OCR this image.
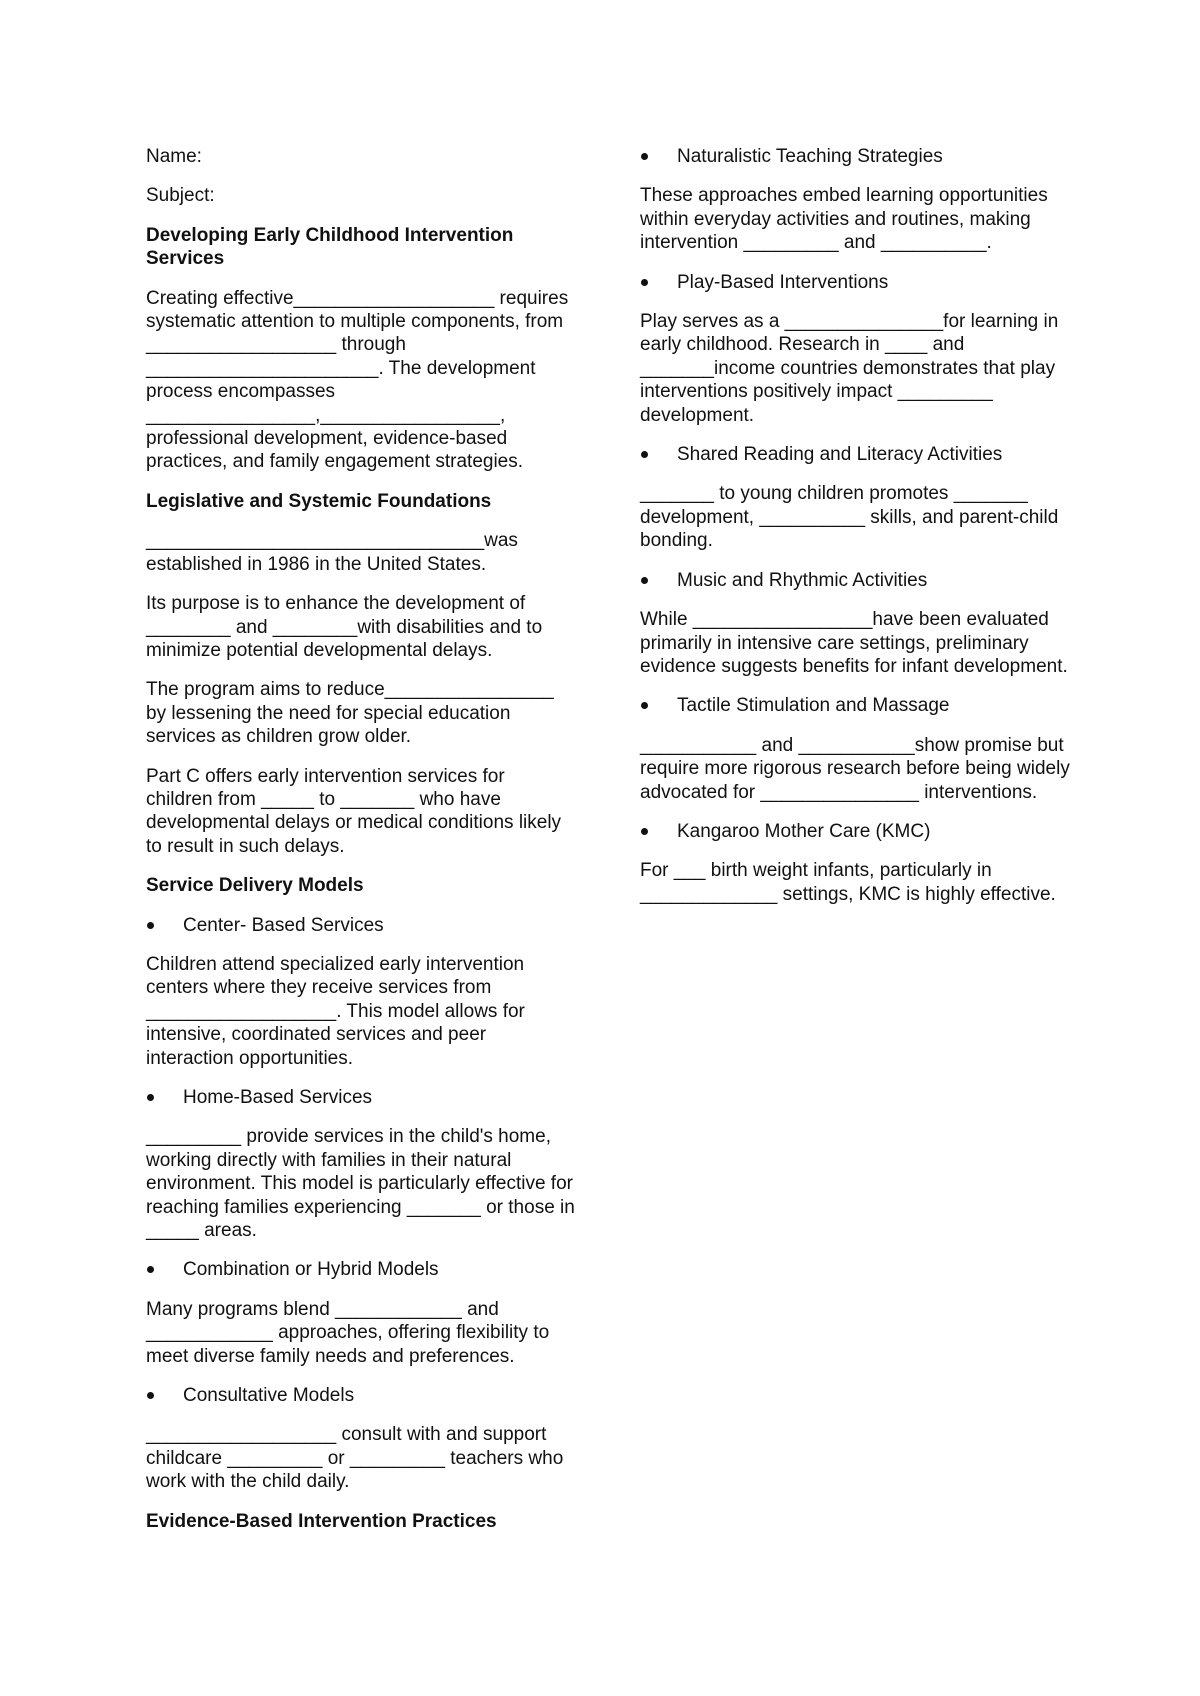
Name:

Subject:

Developing Early Childhood Intervention Services

Creating effective___________________ requires systematic attention to multiple components, from __________________ through ______________________. The development process encompasses ________________,_________________, professional development, evidence-based practices, and family engagement strategies.

Legislative and Systemic Foundations

________________________________was established in 1986 in the United States.

Its purpose is to enhance the development of ________ and ________with disabilities and to minimize potential developmental delays.

The program aims to reduce________________ by lessening the need for special education services as children grow older.

Part C offers early intervention services for children from _____ to _______ who have developmental delays or medical conditions likely to result in such delays.

Service Delivery Models
Center- Based Services

Children attend specialized early intervention centers where they receive services from __________________. This model allows for intensive, coordinated services and peer interaction opportunities.

Home-Based Services

_________ provide services in the child's home, working directly with families in their natural environment. This model is particularly effective for reaching families experiencing _______ or those in _____ areas.

Combination or Hybrid Models

Many programs blend ____________ and ____________ approaches, offering flexibility to meet diverse family needs and preferences.

Consultative Models

__________________ consult with and support childcare _________ or _________ teachers who work with the child daily.

Evidence-Based Intervention Practices
Naturalistic Teaching Strategies

These approaches embed learning opportunities within everyday activities and routines, making intervention _________ and __________.

Play-Based Interventions

Play serves as a _______________for learning in early childhood. Research in ____ and _______income countries demonstrates that play interventions positively impact _________ development.

Shared Reading and Literacy Activities

_______ to young children promotes _______ development, __________ skills, and parent-child bonding.

Music and Rhythmic Activities

While _________________have been evaluated primarily in intensive care settings, preliminary evidence suggests benefits for infant development.

Tactile Stimulation and Massage

___________ and ___________show promise but require more rigorous research before being widely advocated for _______________ interventions.

Kangaroo Mother Care (KMC)

For ___ birth weight infants, particularly in _____________ settings, KMC is highly effective.
